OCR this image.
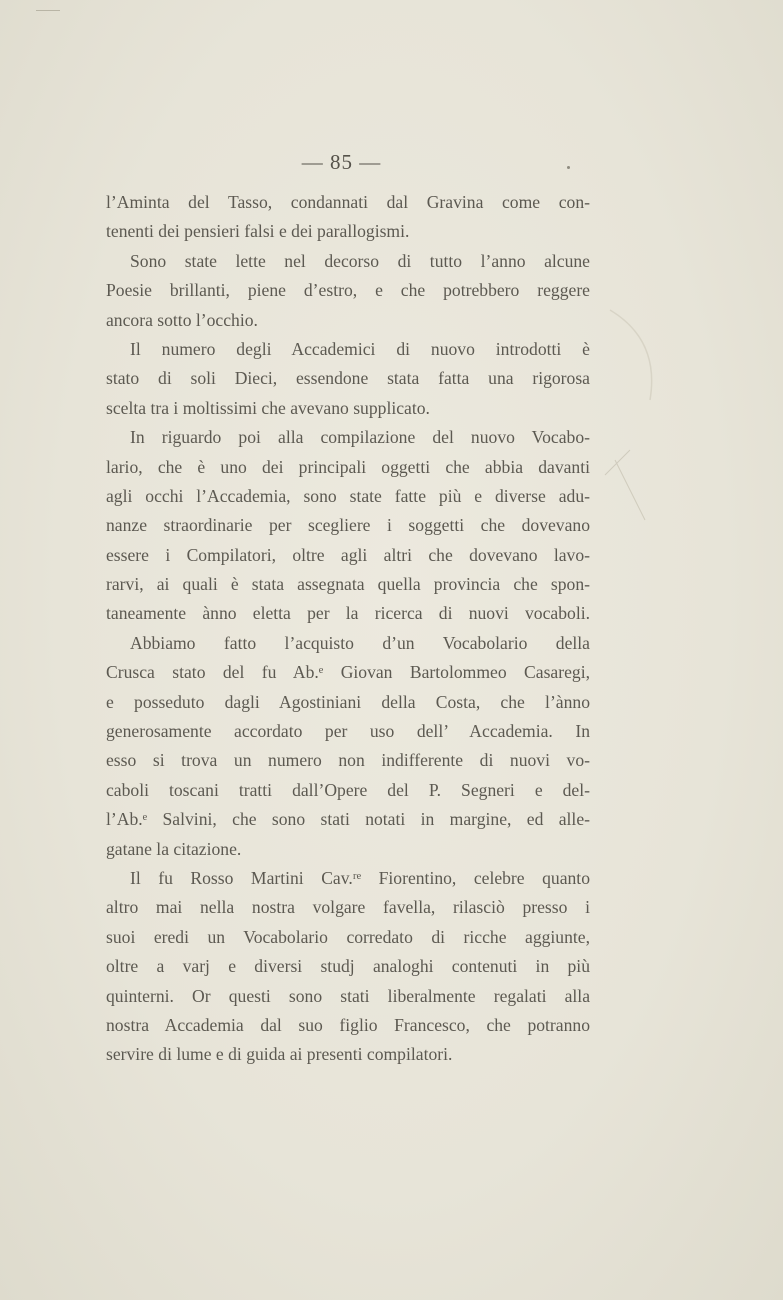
— 85 —
l’Aminta del Tasso, condannati dal Gravina come con-
tenenti dei pensieri falsi e dei parallogismi.
Sono state lette nel decorso di tutto l’anno alcune
Poesie brillanti, piene d’estro, e che potrebbero reggere
ancora sotto l’occhio.
Il numero degli Accademici di nuovo introdotti è
stato di soli Dieci, essendone stata fatta una rigorosa
scelta tra i moltissimi che avevano supplicato.
In riguardo poi alla compilazione del nuovo Vocabo-
lario, che è uno dei principali oggetti che abbia davanti
agli occhi l’Accademia, sono state fatte più e diverse adu-
nanze straordinarie per scegliere i soggetti che dovevano
essere i Compilatori, oltre agli altri che dovevano lavo-
rarvi, ai quali è stata assegnata quella provincia che spon-
taneamente ànno eletta per la ricerca di nuovi vocaboli.
Abbiamo fatto l’acquisto d’un Vocabolario della
Crusca stato del fu Ab.ᵉ Giovan Bartolommeo Casaregi,
e posseduto dagli Agostiniani della Costa, che l’ànno
generosamente accordato per uso dell’ Accademia. In
esso si trova un numero non indifferente di nuovi vo-
caboli toscani tratti dall’Opere del P. Segneri e del-
l’Ab.ᵉ Salvini, che sono stati notati in margine, ed alle-
gatane la citazione.
Il fu Rosso Martini Cav.ʳᵉ Fiorentino, celebre quanto
altro mai nella nostra volgare favella, rilasciò presso i
suoi eredi un Vocabolario corredato di ricche aggiunte,
oltre a varj e diversi studj analoghi contenuti in più
quinterni. Or questi sono stati liberalmente regalati alla
nostra Accademia dal suo figlio Francesco, che potranno
servire di lume e di guida ai presenti compilatori.
